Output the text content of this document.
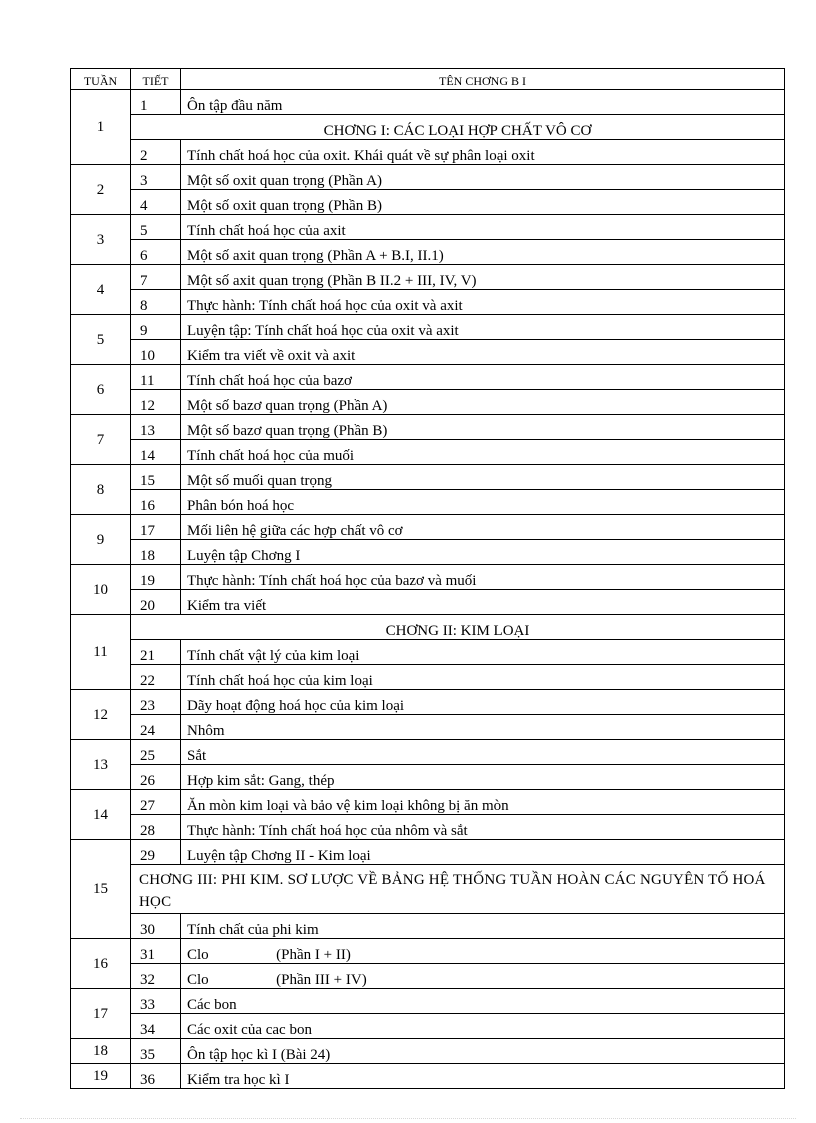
TUẦN	TIẾT	TÊN CHƠNG B I
1	1	Ôn tập đầu năm
	CHƠNG I: CÁC LOẠI HỢP CHẤT VÔ CƠ	
	2	Tính chất hoá học của oxit. Khái quát về sự phân loại oxit
2	3	Một số oxit quan trọng (Phần A)
	4	Một số oxit quan trọng (Phần B)
3	5	Tính chất hoá học của axit
	6	Một số axit quan trọng (Phần A + B.I, II.1)
4	7	Một số axit quan trọng (Phần B II.2 + III, IV, V)
	8	Thực hành: Tính chất hoá học của oxit và axit
5	9	Luyện tập: Tính chất hoá học của oxit và axit
	10	Kiểm tra viết về oxit và axit
6	11	Tính chất hoá học của bazơ
	12	Một số bazơ quan trọng (Phần A)
7	13	Một số bazơ quan trọng (Phần B)
	14	Tính chất hoá học của muối
8	15	Một số muối quan trọng
	16	Phân bón hoá học
9	17	Mối liên hệ giữa các hợp chất vô cơ
	18	Luyện tập Chơng I
10	19	Thực hành: Tính chất hoá học của bazơ và muối
	20	Kiểm tra viết
11	CHƠNG II: KIM LOẠI	
	21	Tính chất vật lý của kim loại
	22	Tính chất hoá học của kim loại
12	23	Dãy hoạt động hoá học của kim loại
	24	Nhôm
13	25	Sắt
	26	Hợp kim sắt: Gang, thép
14	27	Ăn mòn kim loại và bảo vệ kim loại không bị ăn mòn
	28	Thực hành: Tính chất hoá học của nhôm và sắt
15	29	Luyện tập Chơng II - Kim loại
	CHƠNG III: PHI KIM. SƠ LƯỢC VỀ BẢNG HỆ THỐNG TUẦN HOÀN CÁC NGUYÊN TỐ HOÁ HỌC	
	30	Tính chất của phi kim
16	31	Clo                  (Phần I + II)
	32	Clo                  (Phần III + IV)
17	33	Các bon
	34	Các oxit của cac bon
18	35	Ôn tập học kì I (Bài 24)
19	36	Kiểm tra học kì I
